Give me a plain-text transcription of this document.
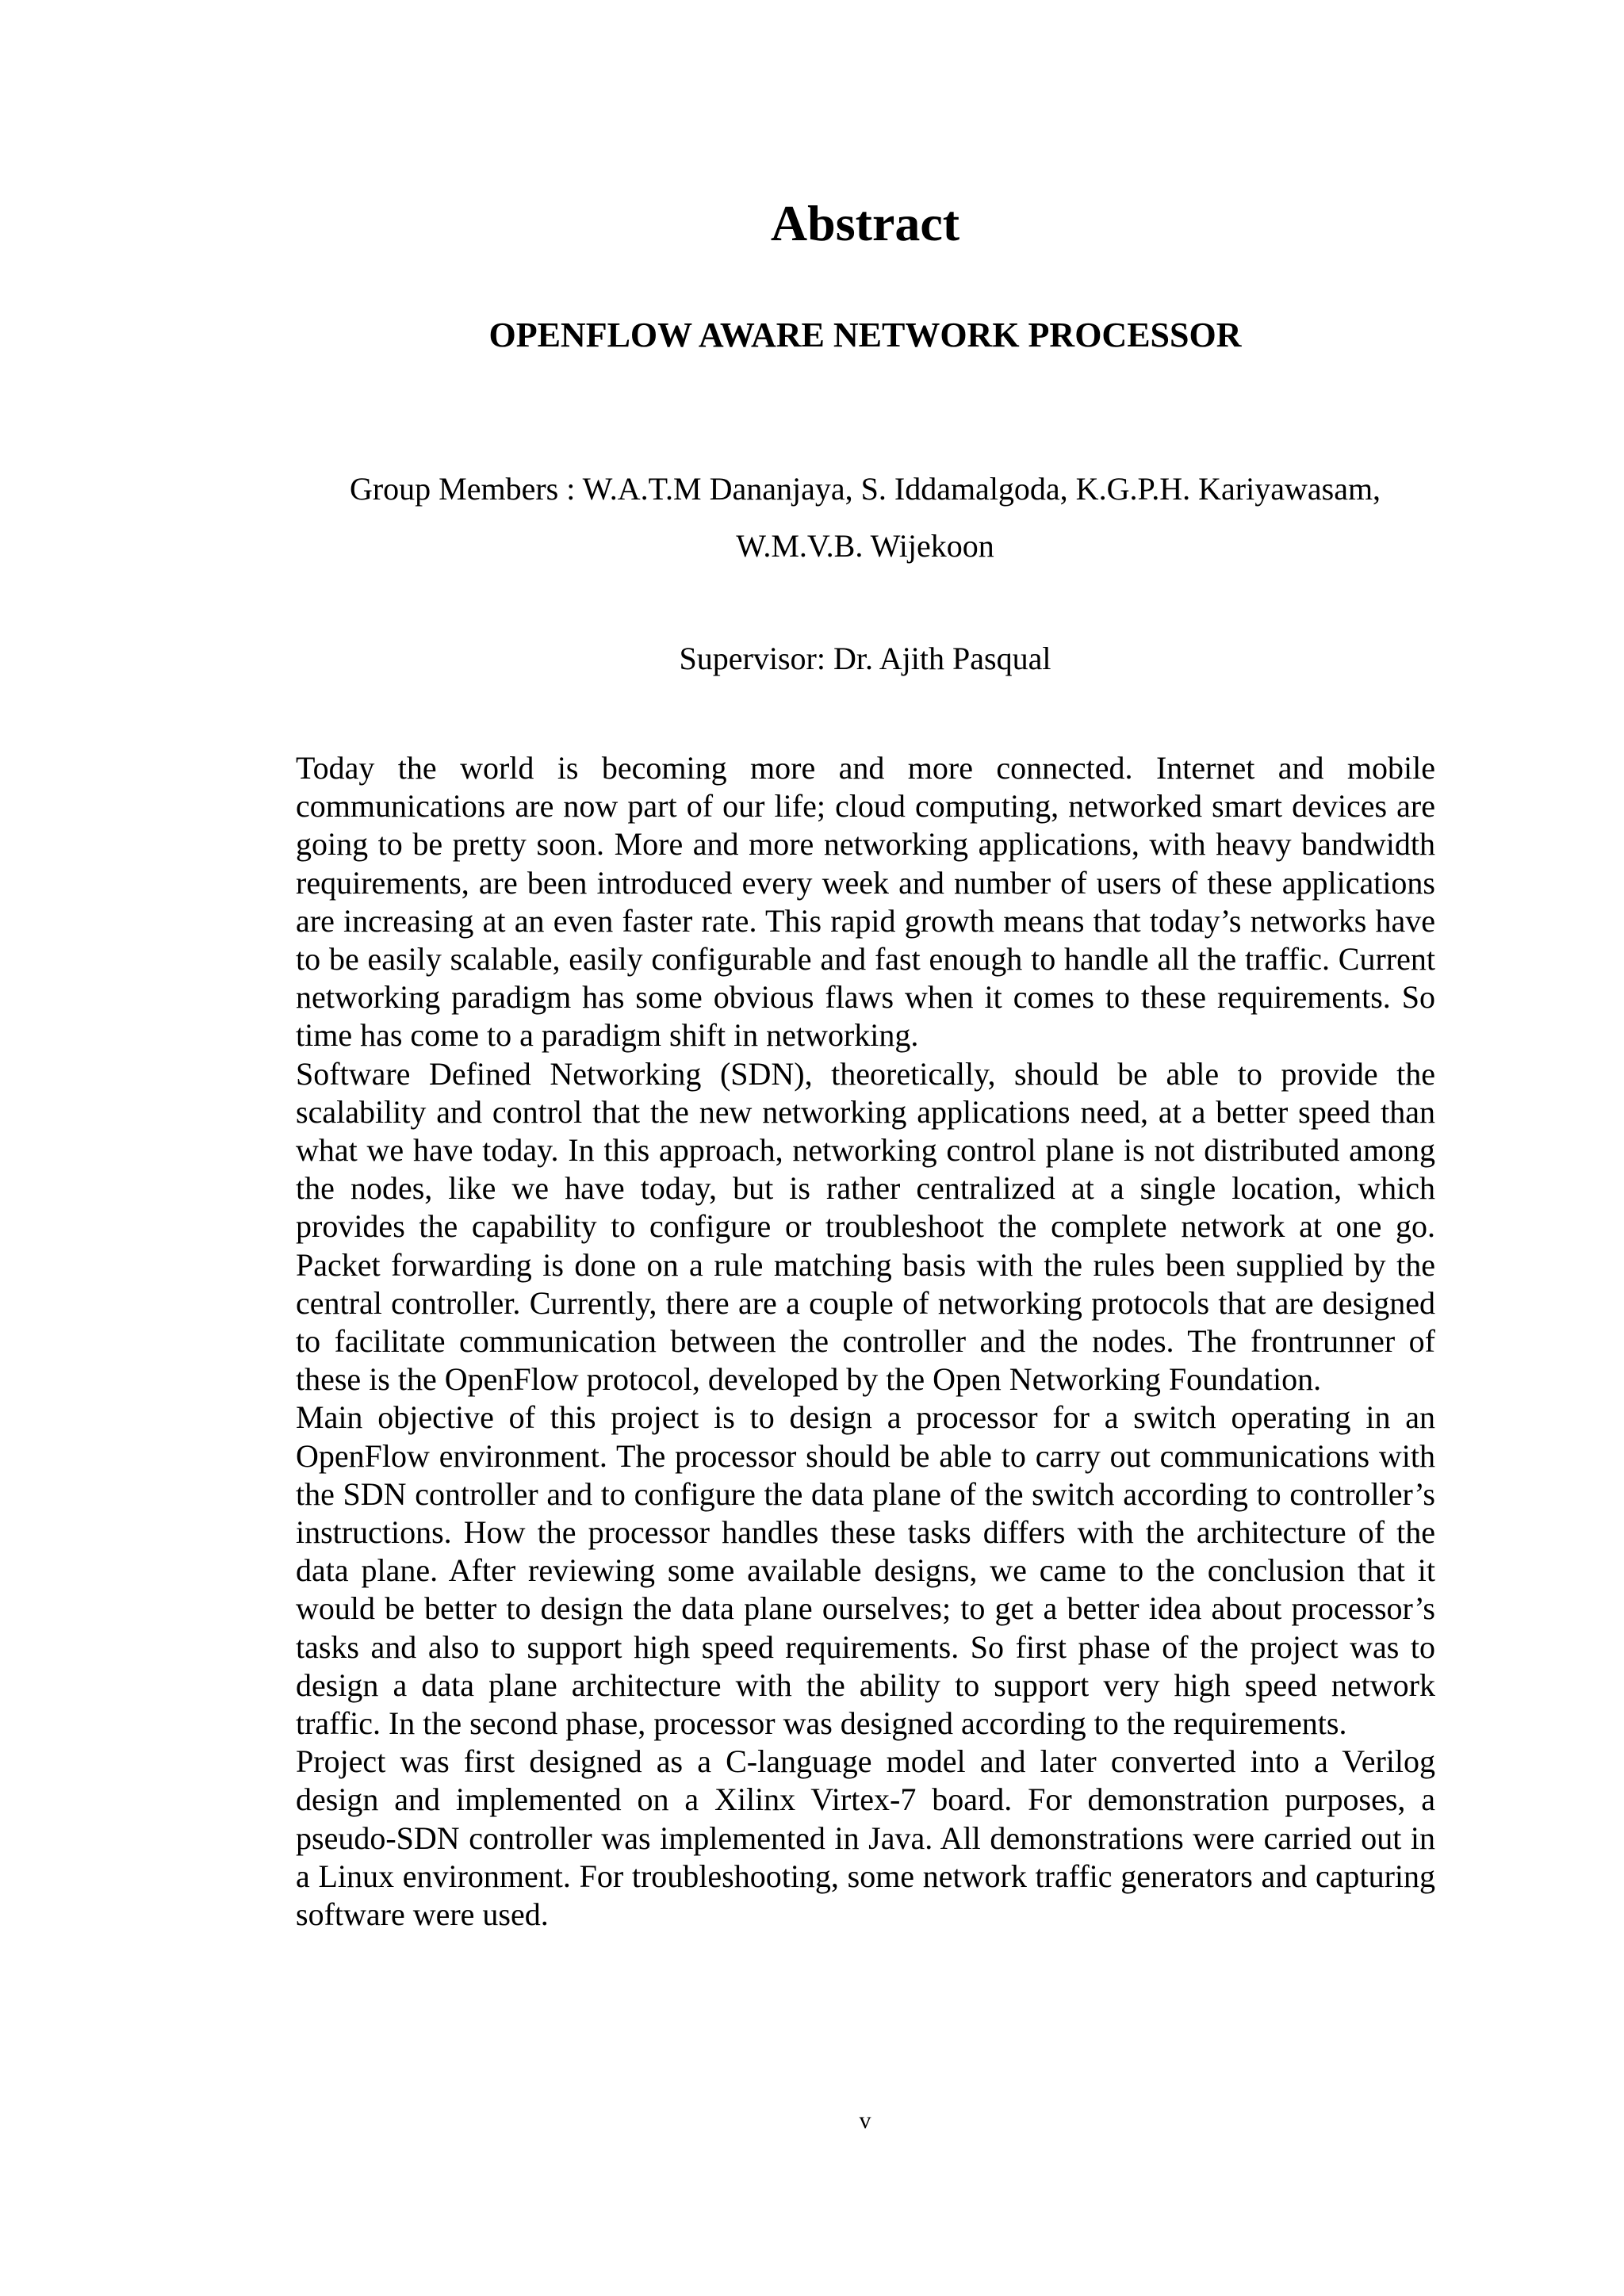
Abstract
OPENFLOW AWARE NETWORK PROCESSOR

Group Members : W.A.T.M Dananjaya, S. Iddamalgoda, K.G.P.H. Kariyawasam,

W.M.V.B. Wijekoon

Supervisor: Dr. Ajith Pasqual

Today the world is becoming more and more connected. Internet and mobile communications are now part of our life; cloud computing, networked smart devices are going to be pretty soon. More and more networking applications, with heavy bandwidth requirements, are been introduced every week and number of users of these applications are increasing at an even faster rate. This rapid growth means that today’s networks have to be easily scalable, easily configurable and fast enough to handle all the traffic. Current networking paradigm has some obvious flaws when it comes to these requirements. So time has come to a paradigm shift in networking.

Software Defined Networking (SDN), theoretically, should be able to provide the scalability and control that the new networking applications need, at a better speed than what we have today. In this approach, networking control plane is not distributed among the nodes, like we have today, but is rather centralized at a single location, which provides the capability to configure or troubleshoot the complete network at one go. Packet forwarding is done on a rule matching basis with the rules been supplied by the central controller. Currently, there are a couple of networking protocols that are designed to facilitate communication between the controller and the nodes. The frontrunner of these is the OpenFlow protocol, developed by the Open Networking Foundation.

Main objective of this project is to design a processor for a switch operating in an OpenFlow environment. The processor should be able to carry out communications with the SDN controller and to configure the data plane of the switch according to controller’s instructions. How the processor handles these tasks differs with the architecture of the data plane. After reviewing some available designs, we came to the conclusion that it would be better to design the data plane ourselves; to get a better idea about processor’s tasks and also to support high speed requirements. So first phase of the project was to design a data plane architecture with the ability to support very high speed network traffic. In the second phase, processor was designed according to the requirements.

Project was first designed as a C-language model and later converted into a Verilog design and implemented on a Xilinx Virtex-7 board. For demonstration purposes, a pseudo-SDN controller was implemented in Java. All demonstrations were carried out in a Linux environment. For troubleshooting, some network traffic generators and capturing software were used.

v
